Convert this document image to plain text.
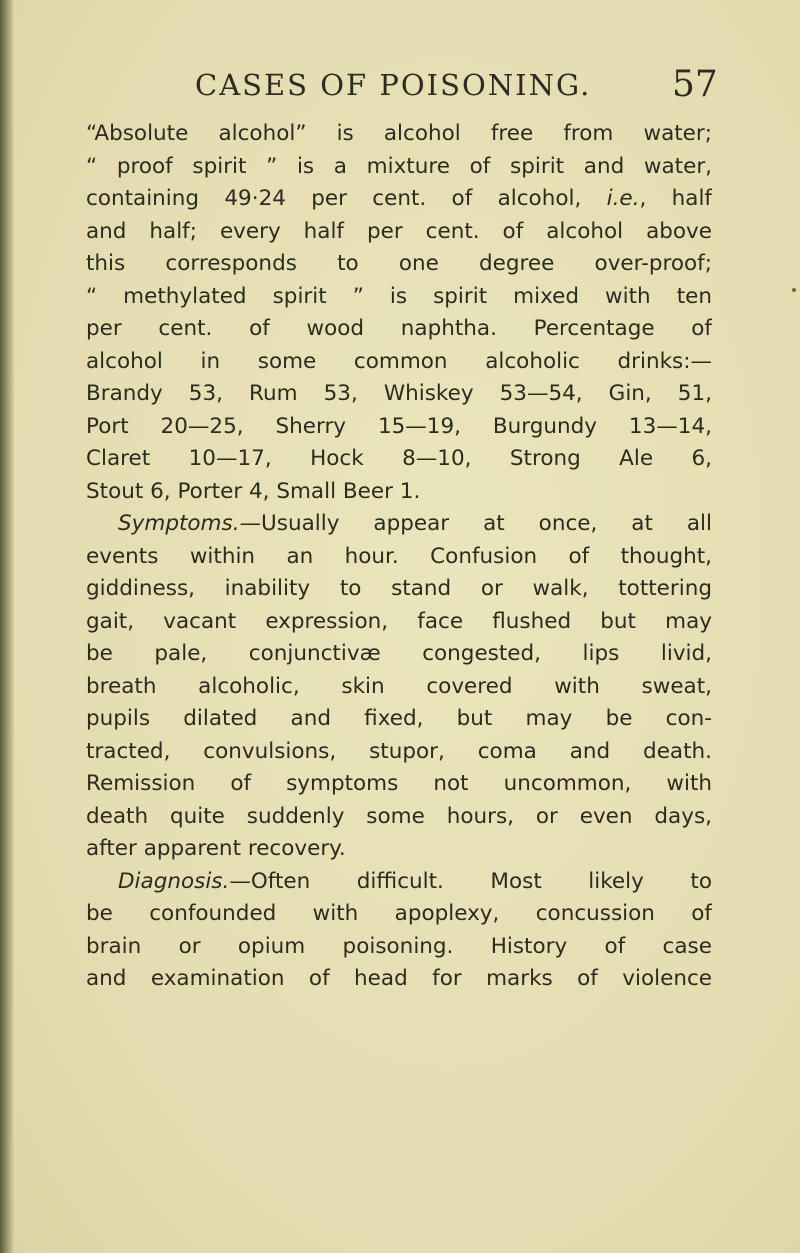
CASES OF POISONING. 57
“Absolute alcohol” is alcohol free from water;
“ proof spirit ” is a mixture of spirit and water,
containing 49·24 per cent. of alcohol, i.e., half
and half; every half per cent. of alcohol above
this corresponds to one degree over-proof;
“ methylated spirit ” is spirit mixed with ten
per cent. of wood naphtha. Percentage of
alcohol in some common alcoholic drinks:—
Brandy 53, Rum 53, Whiskey 53—54, Gin, 51,
Port 20—25, Sherry 15—19, Burgundy 13—14,
Claret 10—17, Hock 8—10, Strong Ale 6,
Stout 6, Porter 4, Small Beer 1.
Symptoms.—Usually appear at once, at all
events within an hour. Confusion of thought,
giddiness, inability to stand or walk, tottering
gait, vacant expression, face flushed but may
be pale, conjunctivæ congested, lips livid,
breath alcoholic, skin covered with sweat,
pupils dilated and fixed, but may be con-
tracted, convulsions, stupor, coma and death.
Remission of symptoms not uncommon, with
death quite suddenly some hours, or even days,
after apparent recovery.
Diagnosis.—Often difficult. Most likely to
be confounded with apoplexy, concussion of
brain or opium poisoning. History of case
and examination of head for marks of violence
